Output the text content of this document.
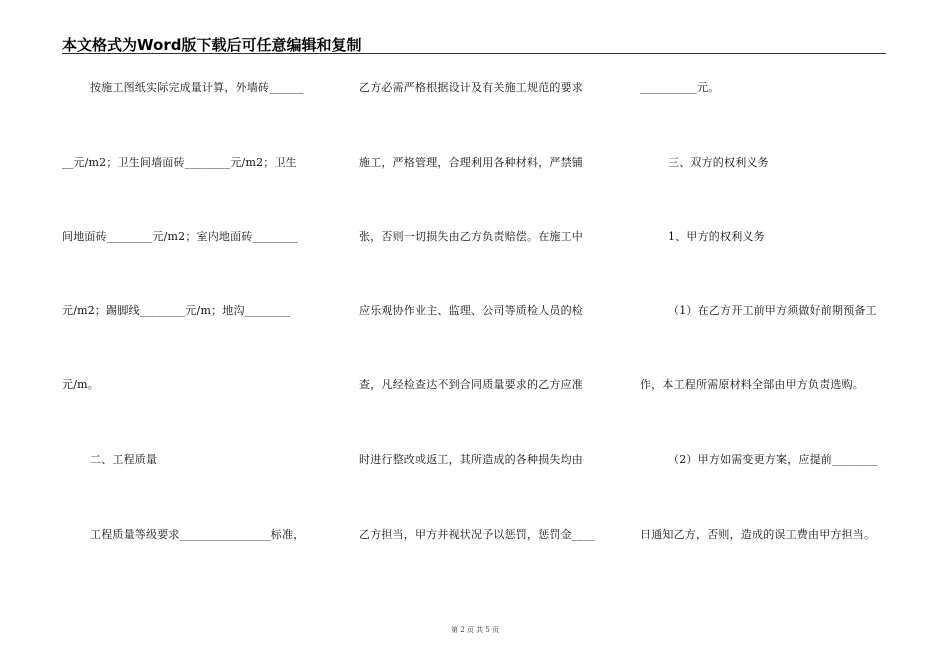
本文格式为Word版下载后可任意编辑和复制
按施工图纸实际完成量计算，外墙砖______
__元/m2；卫生间墙面砖________元/m2；卫生
间地面砖________元/m2；室内地面砖________
元/m2；踢脚线________元/m；地沟________
元/m。
二、工程质量
工程质量等级要求________________标准，
乙方必需严格根据设计及有关施工规范的要求
施工，严格管理，合理利用各种材料，严禁铺
张，否则一切损失由乙方负责赔偿。在施工中
应乐观协作业主、监理、公司等质检人员的检
查，凡经检查达不到合同质量要求的乙方应准
时进行整改或返工，其所造成的各种损失均由
乙方担当，甲方并视状况予以惩罚，惩罚金____
__________元。
三、双方的权利义务
1、甲方的权利义务
（1）在乙方开工前甲方须做好前期预备工
作，本工程所需原材料全部由甲方负责选购。
（2）甲方如需变更方案，应提前________
日通知乙方，否则，造成的误工费由甲方担当。
第 2 页 共 5 页
